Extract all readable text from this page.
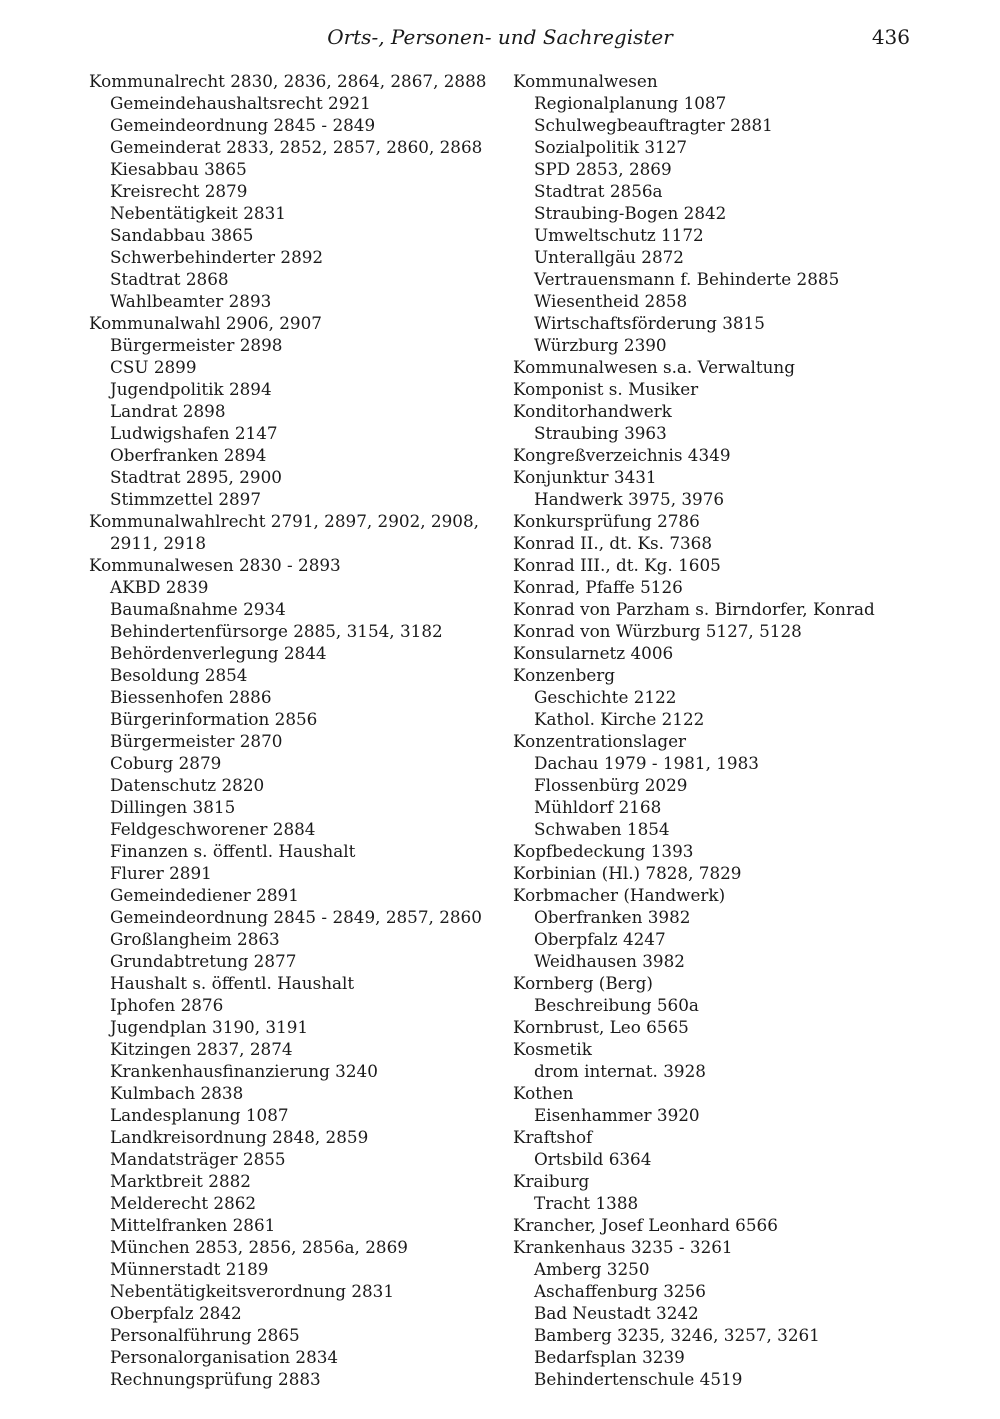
Orts-, Personen- und Sachregister	436
Kommunalrecht 2830, 2836, 2864, 2867, 2888
Gemeindehaushaltsrecht 2921
Gemeindeordnung 2845 - 2849
Gemeinderat 2833, 2852, 2857, 2860, 2868
Kiesabbau 3865
Kreisrecht 2879
Nebentätigkeit 2831
Sandabbau 3865
Schwerbehinderter 2892
Stadtrat 2868
Wahlbeamter 2893
Kommunalwahl 2906, 2907
Bürgermeister 2898
CSU 2899
Jugendpolitik 2894
Landrat 2898
Ludwigshafen 2147
Oberfranken 2894
Stadtrat 2895, 2900
Stimmzettel 2897
Kommunalwahlrecht 2791, 2897, 2902, 2908,
2911, 2918
Kommunalwesen 2830 - 2893
AKBD 2839
Baumaßnahme 2934
Behindertenfürsorge 2885, 3154, 3182
Behördenverlegung 2844
Besoldung 2854
Biessenhofen 2886
Bürgerinformation 2856
Bürgermeister 2870
Coburg 2879
Datenschutz 2820
Dillingen 3815
Feldgeschworener 2884
Finanzen s. öffentl. Haushalt
Flurer 2891
Gemeindediener 2891
Gemeindeordnung 2845 - 2849, 2857, 2860
Großlangheim 2863
Grundabtretung 2877
Haushalt s. öffentl. Haushalt
Iphofen 2876
Jugendplan 3190, 3191
Kitzingen 2837, 2874
Krankenhausfinanzierung 3240
Kulmbach 2838
Landesplanung 1087
Landkreisordnung 2848, 2859
Mandatsträger 2855
Marktbreit 2882
Melderecht 2862
Mittelfranken 2861
München 2853, 2856, 2856a, 2869
Münnerstadt 2189
Nebentätigkeitsverordnung 2831
Oberpfalz 2842
Personalführung 2865
Personalorganisation 2834
Rechnungsprüfung 2883
Kommunalwesen
Regionalplanung 1087
Schulwegbeauftragter 2881
Sozialpolitik 3127
SPD 2853, 2869
Stadtrat 2856a
Straubing-Bogen 2842
Umweltschutz 1172
Unterallgäu 2872
Vertrauensmann f. Behinderte 2885
Wiesentheid 2858
Wirtschaftsförderung 3815
Würzburg 2390
Kommunalwesen s.a. Verwaltung
Komponist s. Musiker
Konditorhandwerk
Straubing 3963
Kongreßverzeichnis 4349
Konjunktur 3431
Handwerk 3975, 3976
Konkursprüfung 2786
Konrad II., dt. Ks. 7368
Konrad III., dt. Kg. 1605
Konrad, Pfaffe 5126
Konrad von Parzham s. Birndorfer, Konrad
Konrad von Würzburg 5127, 5128
Konsularnetz 4006
Konzenberg
Geschichte 2122
Kathol. Kirche 2122
Konzentrationslager
Dachau 1979 - 1981, 1983
Flossenbürg 2029
Mühldorf 2168
Schwaben 1854
Kopfbedeckung 1393
Korbinian (Hl.) 7828, 7829
Korbmacher (Handwerk)
Oberfranken 3982
Oberpfalz 4247
Weidhausen 3982
Kornberg (Berg)
Beschreibung 560a
Kornbrust, Leo 6565
Kosmetik
drom internat. 3928
Kothen
Eisenhammer 3920
Kraftshof
Ortsbild 6364
Kraiburg
Tracht 1388
Krancher, Josef Leonhard 6566
Krankenhaus 3235 - 3261
Amberg 3250
Aschaffenburg 3256
Bad Neustadt 3242
Bamberg 3235, 3246, 3257, 3261
Bedarfsplan 3239
Behindertenschule 4519
